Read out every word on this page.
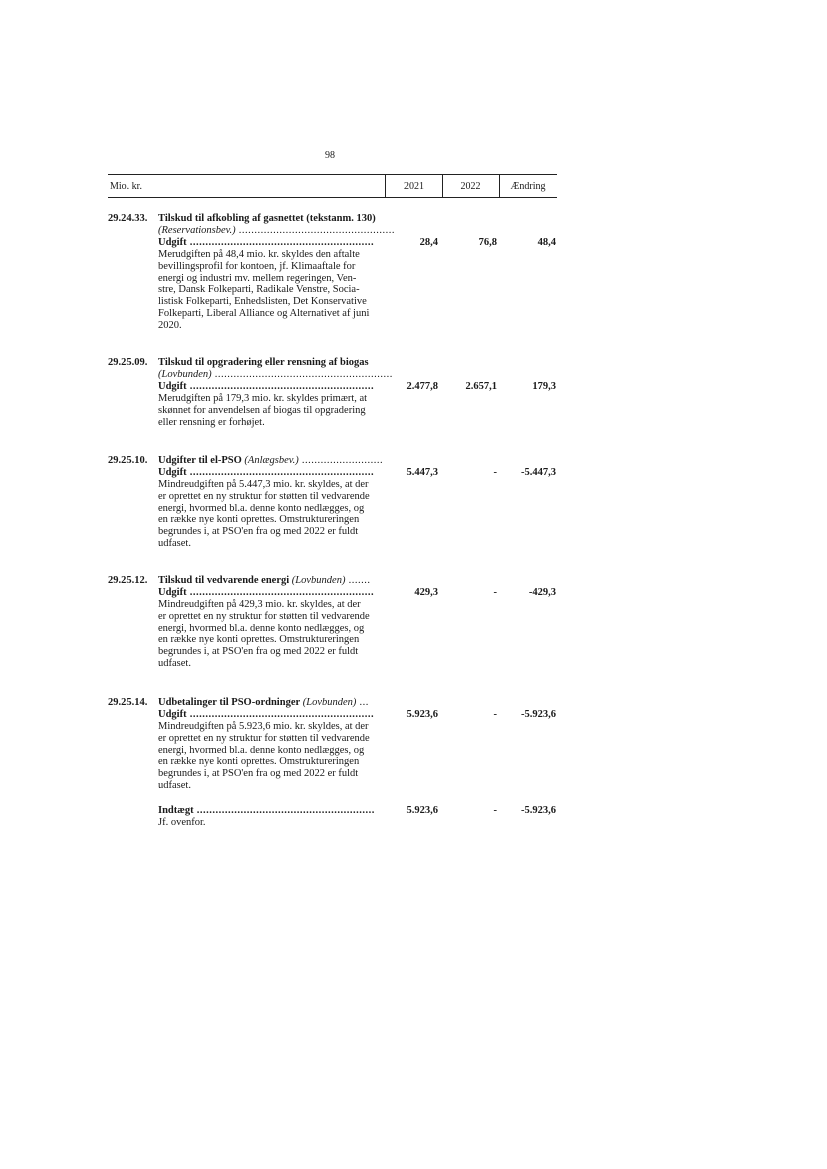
98
Mio. kr.	2021	2022	Ændring
29.24.33. Tilskud til afkobling af gasnettet (tekstanm. 130)
(Reservationsbev.) ..................................................
Udgift ...........................................................	28,4	76,8	48,4
Merudgiften på 48,4 mio. kr. skyldes den aftalte
bevillingsprofil for kontoen, jf. Klimaaftale for
energi og industri mv. mellem regeringen, Ven-
stre, Dansk Folkeparti, Radikale Venstre, Socia-
listisk Folkeparti, Enhedslisten, Det Konservative
Folkeparti, Liberal Alliance og Alternativet af juni
2020.
29.25.09. Tilskud til opgradering eller rensning af biogas
(Lovbunden) .........................................................
Udgift ...........................................................	2.477,8	2.657,1	179,3
Merudgiften på 179,3 mio. kr. skyldes primært, at
skønnet for anvendelsen af biogas til opgradering
eller rensning er forhøjet.
29.25.10. Udgifter til el-PSO (Anlægsbev.) ..........................
Udgift ...........................................................	5.447,3	-	-5.447,3
Mindreudgiften på 5.447,3 mio. kr. skyldes, at der
er oprettet en ny struktur for støtten til vedvarende
energi, hvormed bl.a. denne konto nedlægges, og
en række nye konti oprettes. Omstruktureringen
begrundes i, at PSO'en fra og med 2022 er fuldt
udfaset.
29.25.12. Tilskud til vedvarende energi (Lovbunden) .......
Udgift ...........................................................	429,3	-	-429,3
Mindreudgiften på 429,3 mio. kr. skyldes, at der
er oprettet en ny struktur for støtten til vedvarende
energi, hvormed bl.a. denne konto nedlægges, og
en række nye konti oprettes. Omstruktureringen
begrundes i, at PSO'en fra og med 2022 er fuldt
udfaset.
29.25.14. Udbetalinger til PSO-ordninger (Lovbunden) ...
Udgift ...........................................................	5.923,6	-	-5.923,6
Mindreudgiften på 5.923,6 mio. kr. skyldes, at der
er oprettet en ny struktur for støtten til vedvarende
energi, hvormed bl.a. denne konto nedlægges, og
en række nye konti oprettes. Omstruktureringen
begrundes i, at PSO'en fra og med 2022 er fuldt
udfaset.
Indtægt .........................................................	5.923,6	-	-5.923,6
Jf. ovenfor.
